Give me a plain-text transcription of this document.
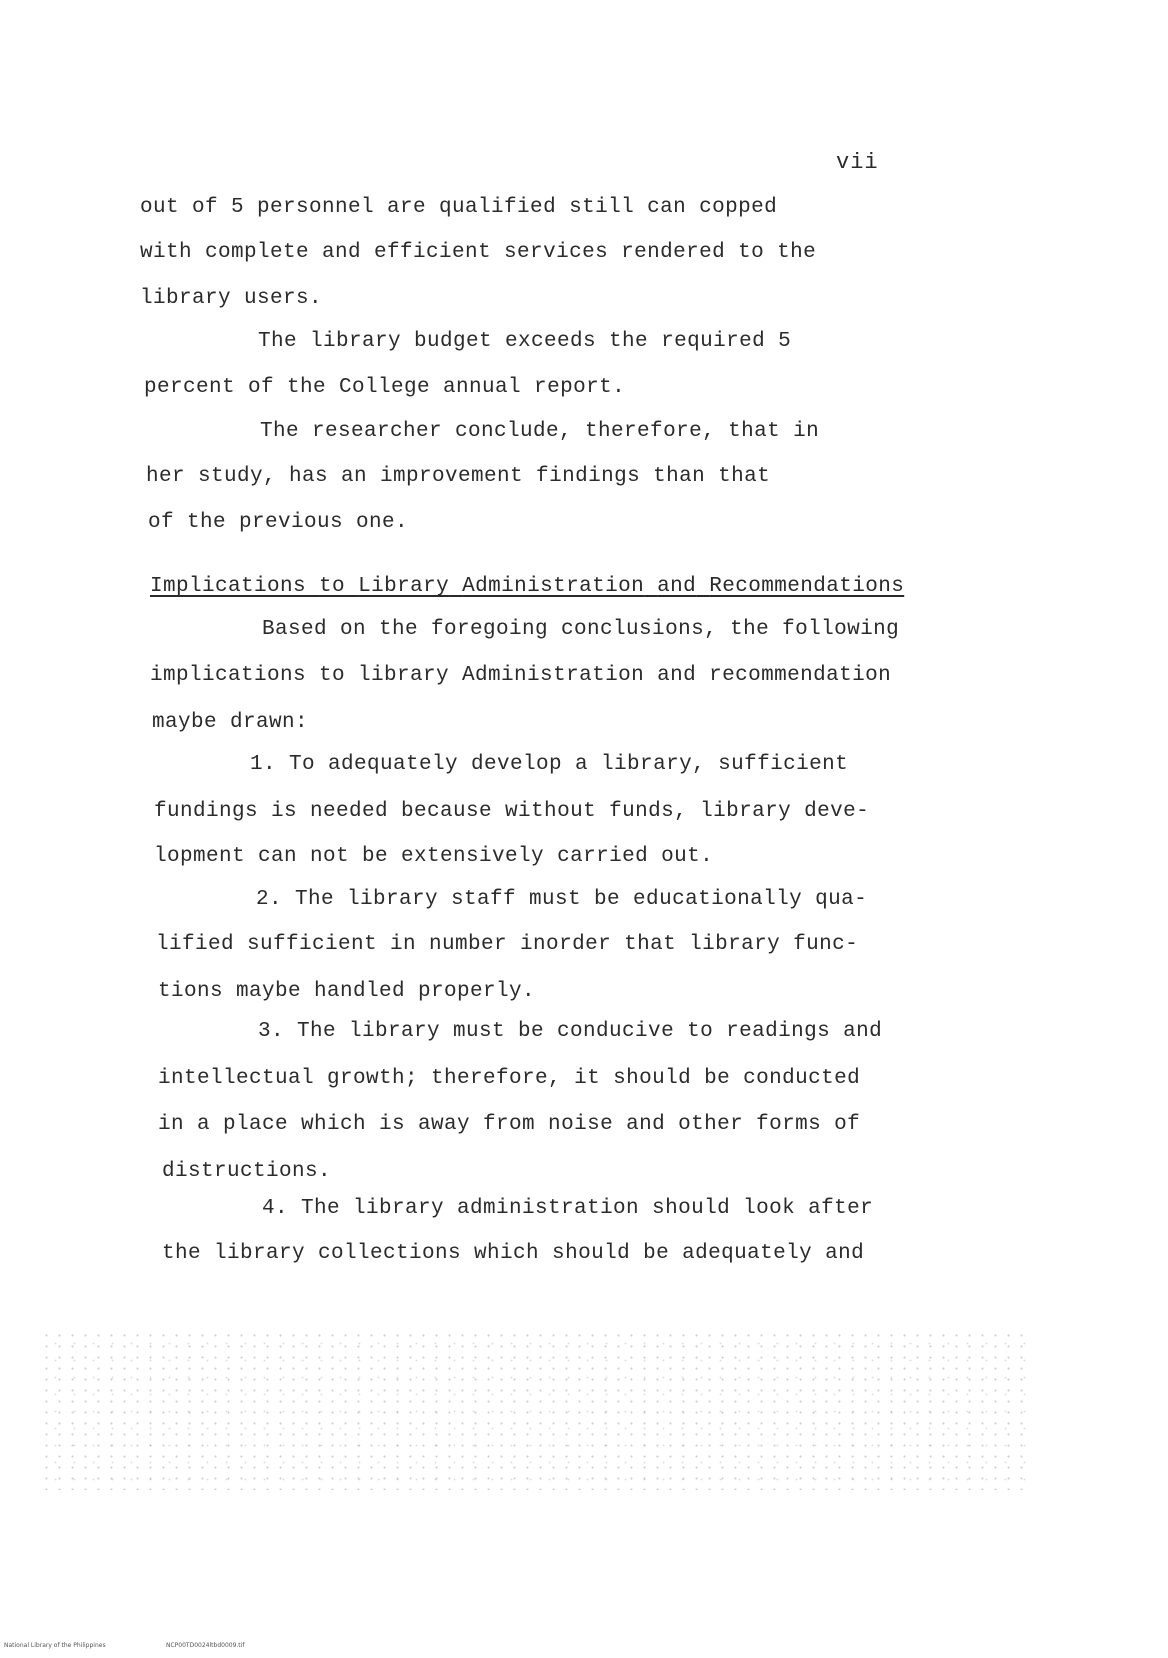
vii
out of 5 personnel are qualified still can copped
with complete and efficient services rendered to the
library users.
The library budget exceeds the required 5
percent of the College annual report.
The researcher conclude, therefore, that in
her study, has an improvement findings than that
of the previous one.
Implications to Library Administration and Recommendations
Based on the foregoing conclusions, the following
implications to library Administration and recommendation
maybe drawn:
1. To adequately develop a library, sufficient
fundings is needed because without funds, library deve-
lopment can not be extensively carried out.
2. The library staff must be educationally qua-
lified sufficient in number inorder that library func-
tions maybe handled properly.
3. The library must be conducive to readings and
intellectual growth; therefore, it should be conducted
in a place which is away from noise and other forms of
distructions.
4. The library administration should look after
the library collections which should be adequately and
National Library of the Philippines	NCP00TD0024ltbd0009.tif
